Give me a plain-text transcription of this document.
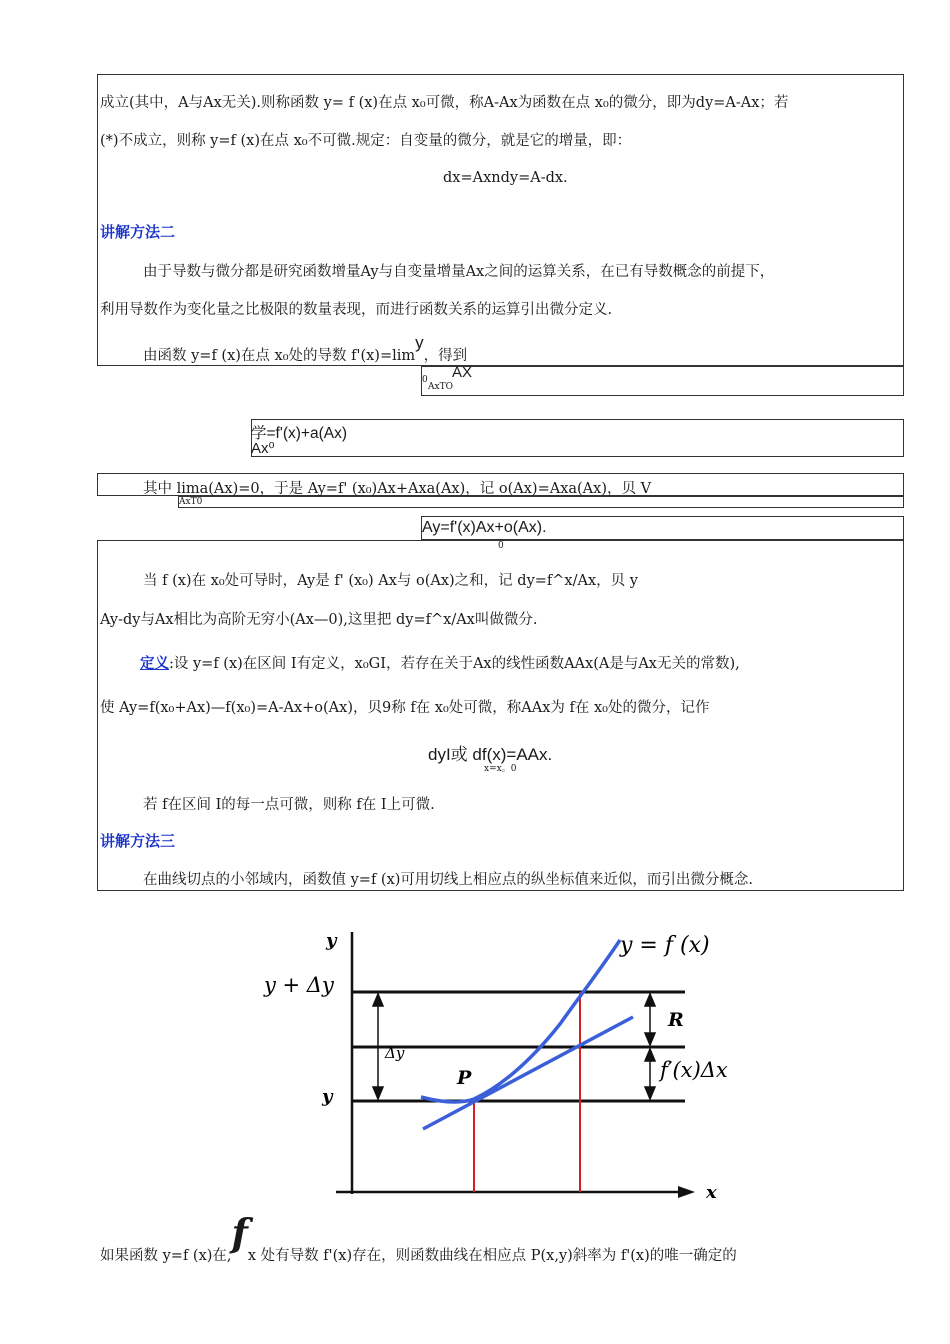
成立(其中，A与Ax无关).则称函数 y= f (x)在点 x₀可微，称A-Ax为函数在点 x₀的微分，即为dy=A-Ax；若
(*)不成立，则称 y=f (x)在点 x₀不可微.规定：自变量的微分，就是它的增量，即：
dx=Axndy=A-dx.
讲解方法二
由于导数与微分都是研究函数增量Ay与自变量增量Ax之间的运算关系，在已有导数概念的前提下，
利用导数作为变化量之比极限的数量表现，而进行函数关系的运算引出微分定义.
由函数 y=f (x)在点 x₀处的导数 f'(x)=limy，得到
0
AxTO
AX
学=f'(x)+a(Ax)
Ax⁰
其中 lima(Ax)=0，于是 Ay=f' (x₀)Ax+Axa(Ax)，记 o(Ax)=Axa(Ax)，贝 V
AxT0
Ay=f'(x)Ax+o(Ax).
0
当 f (x)在 x₀处可导时，Ay是 f' (x₀) Ax与 o(Ax)之和，记 dy=f^x/Ax，贝 y
Ay-dy与Ax相比为高阶无穷小(Ax—0),这里把 dy=f^x/Ax叫做微分.
定义:设 y=f (x)在区间 I有定义，x₀GI，若存在关于Ax的线性函数AAx(A是与Ax无关的常数),
使 Ay=f(x₀+Ax)—f(x₀)=A-Ax+o(Ax)，贝9称 f在 x₀处可微，称AAx为 f在 x₀处的微分，记作
dyI或 df(x)=AAx.
x=x。0
若 f在区间 I的每一点可微，则称 f在 I上可微.
讲解方法三
在曲线切点的小邻域内，函数值 y=f (x)可用切线上相应点的纵坐标值来近似，而引出微分概念.
y
x
y + Δy
y
Δy
P
R
f′(x)Δx
y = f (x)
如果函数 y=f (x)在,fx 处有导数 f'(x)存在，则函数曲线在相应点 P(x,y)斜率为 f'(x)的唯一确定的
